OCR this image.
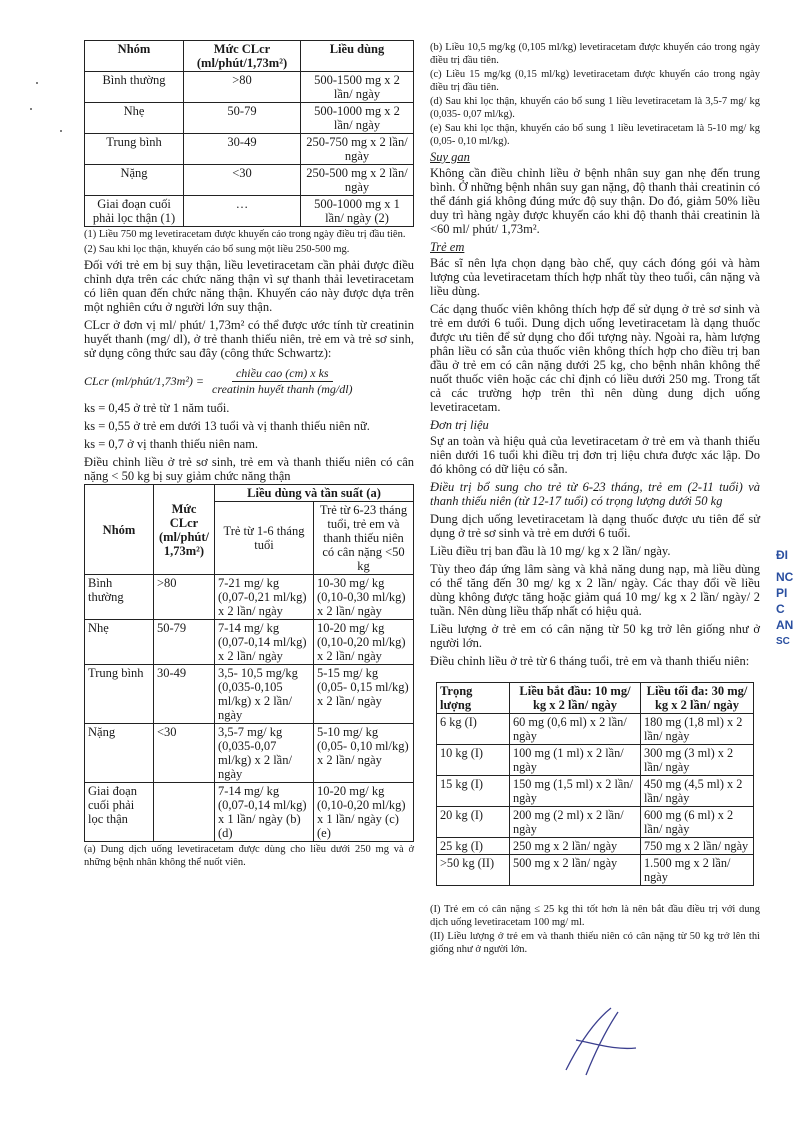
Nhóm	Mức CLcr (ml/phút/1,73m²)	Liều dùng
Bình thường	>80	500-1500 mg x 2 lần/ ngày
Nhẹ	50-79	500-1000 mg x 2 lần/ ngày
Trung bình	30-49	250-750 mg x 2 lần/ ngày
Nặng	<30	250-500 mg x 2 lần/ ngày
Giai đoạn cuối phải lọc thận (1)	…	500-1000 mg x 1 lần/ ngày (2)
(1) Liều 750 mg levetiracetam được khuyến cáo trong ngày điều trị đầu tiên.
(2) Sau khi lọc thận, khuyến cáo bổ sung một liều 250-500 mg.

Đối với trẻ em bị suy thận, liều levetiracetam cần phải được điều chỉnh dựa trên các chức năng thận vì sự thanh thải levetiracetam có liên quan đến chức năng thận. Khuyến cáo này được dựa trên một nghiên cứu ở người lớn suy thận.

CLcr ở đơn vị ml/ phút/ 1,73m² có thể được ước tính từ creatinin huyết thanh (mg/ dl), ở trẻ thanh thiếu niên, trẻ em và trẻ sơ sinh, sử dụng công thức sau đây (công thức Schwartz):

CLcr (ml/phút/1,73m²) = $\frac{\text{chiều cao (cm) x ks}}{\text{creatinin huyết thanh (mg/dl)}}$

ks = 0,45 ở trẻ từ 1 năm tuổi.

ks = 0,55 ở trẻ em dưới 13 tuổi và vị thanh thiếu niên nữ.

ks = 0,7 ở vị thanh thiếu niên nam.

Điều chỉnh liều ở trẻ sơ sinh, trẻ em và thanh thiếu niên có cân nặng < 50 kg bị suy giảm chức năng thận

Nhóm	Mức CLcr (ml/phút/ 1,73m²)	Liều dùng và tần suất (a)	
		Trẻ từ 1-6 tháng tuổi	Trẻ từ 6-23 tháng tuổi, trẻ em và thanh thiếu niên có cân nặng <50 kg
Bình thường	>80	7-21 mg/ kg (0,07-0,21 ml/kg) x 2 lần/ ngày	10-30 mg/ kg (0,10-0,30 ml/kg) x 2 lần/ ngày
Nhẹ	50-79	7-14 mg/ kg (0,07-0,14 ml/kg) x 2 lần/ ngày	10-20 mg/ kg (0,10-0,20 ml/kg) x 2 lần/ ngày
Trung bình	30-49	3,5- 10,5 mg/kg (0,035-0,105 ml/kg) x 2 lần/ ngày	5-15 mg/ kg (0,05- 0,15 ml/kg) x 2 lần/ ngày
Nặng	<30	3,5-7 mg/ kg (0,035-0,07 ml/kg) x 2 lần/ ngày	5-10 mg/ kg (0,05- 0,10 ml/kg) x 2 lần/ ngày
Giai đoạn cuối phải lọc thận		7-14 mg/ kg (0,07-0,14 ml/kg) x 1 lần/ ngày (b) (d)	10-20 mg/ kg (0,10-0,20 ml/kg) x 1 lần/ ngày (c) (e)
(a) Dung dịch uống levetiracetam được dùng cho liều dưới 250 mg và ở những bệnh nhân không thể nuốt viên.
(b) Liều 10,5 mg/kg (0,105 ml/kg) levetiracetam được khuyến cáo trong ngày điều trị đầu tiên.
(c) Liều 15 mg/kg (0,15 ml/kg) levetiracetam được khuyến cáo trong ngày điều trị đầu tiên.
(d) Sau khi lọc thận, khuyến cáo bổ sung 1 liều levetiracetam là 3,5-7 mg/ kg (0,035- 0,07 ml/kg).
(e) Sau khi lọc thận, khuyến cáo bổ sung 1 liều levetiracetam là 5-10 mg/ kg (0,05- 0,10 ml/kg).
Suy gan

Không cần điều chỉnh liều ở bệnh nhân suy gan nhẹ đến trung bình. Ở những bệnh nhân suy gan nặng, độ thanh thải creatinin có thể đánh giá không đúng mức độ suy thận. Do đó, giảm 50% liều duy trì hàng ngày được khuyến cáo khi độ thanh thải creatinin là <60 ml/ phút/ 1,73m².

Trẻ em

Bác sĩ nên lựa chọn dạng bào chế, quy cách đóng gói và hàm lượng của levetiracetam thích hợp nhất tùy theo tuổi, cân nặng và liều dùng.

Các dạng thuốc viên không thích hợp để sử dụng ở trẻ sơ sinh và trẻ em dưới 6 tuổi. Dung dịch uống levetiracetam là dạng thuốc được ưu tiên để sử dụng cho đối tượng này. Ngoài ra, hàm lượng phân liều có sẵn của thuốc viên không thích hợp cho điều trị ban đầu ở trẻ em có cân nặng dưới 25 kg, cho bệnh nhân không thể nuốt thuốc viên hoặc các chỉ định có liều dưới 250 mg. Trong tất cả các trường hợp trên thì nên dùng dung dịch uống levetiracetam.

Đơn trị liệu

Sự an toàn và hiệu quả của levetiracetam ở trẻ em và thanh thiếu niên dưới 16 tuổi khi điều trị đơn trị liệu chưa được xác lập. Do đó không có dữ liệu có sẵn.

Điều trị bổ sung cho trẻ từ 6-23 tháng, trẻ em (2-11 tuổi) và thanh thiếu niên (từ 12-17 tuổi) có trọng lượng dưới 50 kg

Dung dịch uống levetiracetam là dạng thuốc được ưu tiên để sử dụng ở trẻ sơ sinh và trẻ em dưới 6 tuổi.

Liều điều trị ban đầu là 10 mg/ kg x 2 lần/ ngày.

Tùy theo đáp ứng lâm sàng và khả năng dung nạp, mà liều dùng có thể tăng đến 30 mg/ kg x 2 lần/ ngày. Các thay đổi về liều dùng không được tăng hoặc giảm quá 10 mg/ kg x 2 lần/ ngày/ 2 tuần. Nên dùng liều thấp nhất có hiệu quả.

Liều lượng ở trẻ em có cân nặng từ 50 kg trở lên giống như ở người lớn.

Điều chỉnh liều ở trẻ từ 6 tháng tuổi, trẻ em và thanh thiếu niên:

Trọng lượng	Liều bắt đầu: 10 mg/ kg x 2 lần/ ngày	Liều tối đa: 30 mg/ kg x 2 lần/ ngày
6 kg (I)	60 mg (0,6 ml) x 2 lần/ ngày	180 mg (1,8 ml) x 2 lần/ ngày
10 kg (I)	100 mg (1 ml) x 2 lần/ ngày	300 mg (3 ml) x 2 lần/ ngày
15 kg (I)	150 mg (1,5 ml) x 2 lần/ ngày	450 mg (4,5 ml) x 2 lần/ ngày
20 kg (I)	200 mg (2 ml) x 2 lần/ ngày	600 mg (6 ml) x 2 lần/ ngày
25 kg (I)	250 mg x 2 lần/ ngày	750 mg x 2 lần/ ngày
>50 kg (II)	500 mg x 2 lần/ ngày	1.500 mg x 2 lần/ ngày
(I) Trẻ em có cân nặng ≤ 25 kg thì tốt hơn là nên bắt đầu điều trị với dung dịch uống levetiracetam 100 mg/ ml.
(II) Liều lượng ở trẻ em và thanh thiếu niên có cân nặng từ 50 kg trở lên thì giống như ở người lớn.
ĐI
NC
PI
C
AN
SC
